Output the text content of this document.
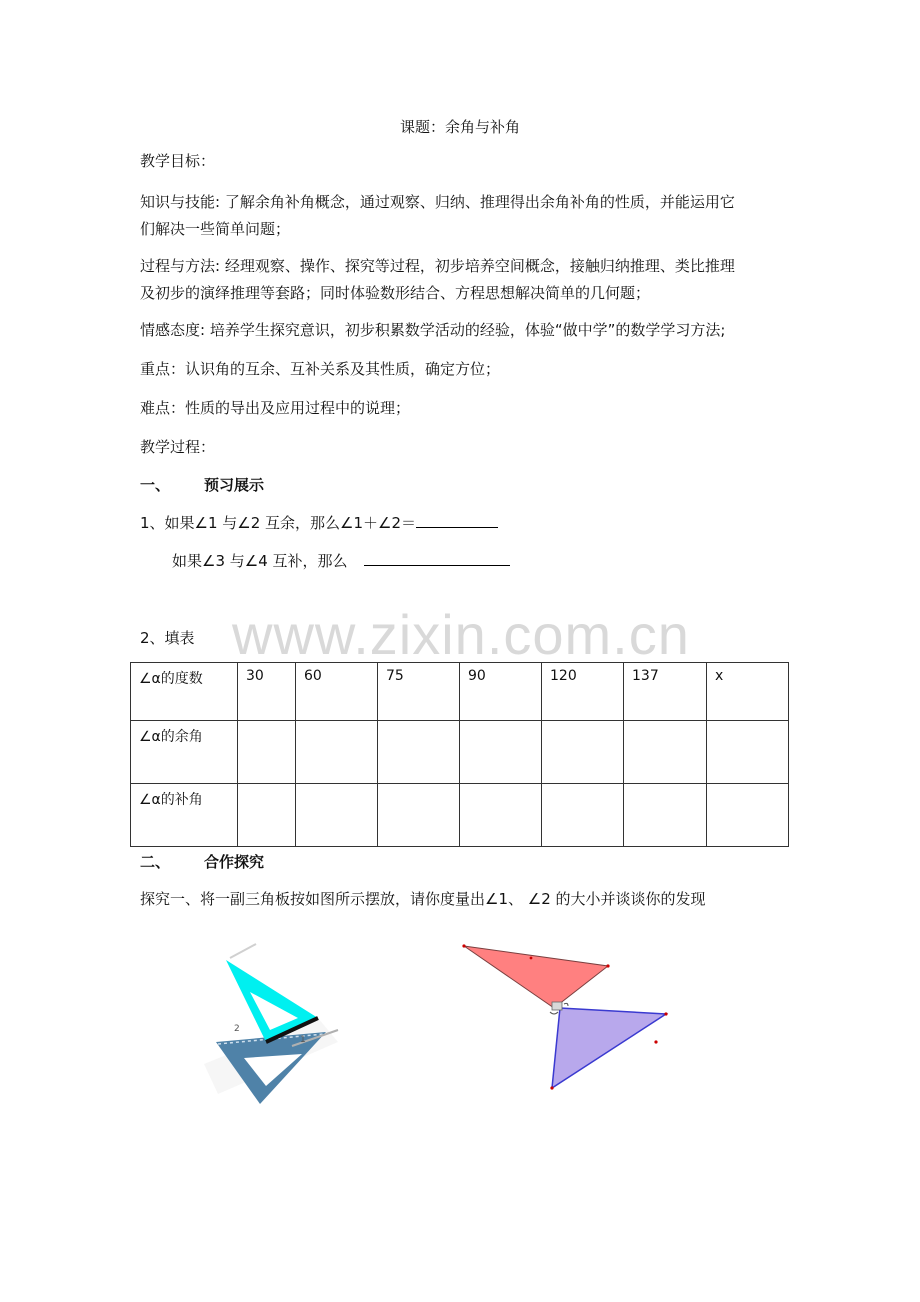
课题：余角与补角
教学目标：
知识与技能: 了解余角补角概念，通过观察、归纳、推理得出余角补角的性质，并能运用它
们解决一些简单问题；
过程与方法: 经理观察、操作、探究等过程，初步培养空间概念，接触归纳推理、类比推理
及初步的演绎推理等套路；同时体验数形结合、方程思想解决简单的几何题；
情感态度: 培养学生探究意识，初步积累数学活动的经验，体验“做中学”的数学学习方法;
重点：认识角的互余、互补关系及其性质，确定方位；
难点：性质的导出及应用过程中的说理；
教学过程：
一、 预习展示
1、如果∠1 与∠2 互余，那么∠1＋∠2＝
如果∠3 与∠4 互补，那么
www.zixin.com.cn
2、填表
∠α的度数	30	60	75	90	120	137	x
∠α的余角							
∠α的补角							
二、 合作探究
探究一、将一副三角板按如图所示摆放，请你度量出∠1、 ∠2 的大小并谈谈你的发现
2
1
